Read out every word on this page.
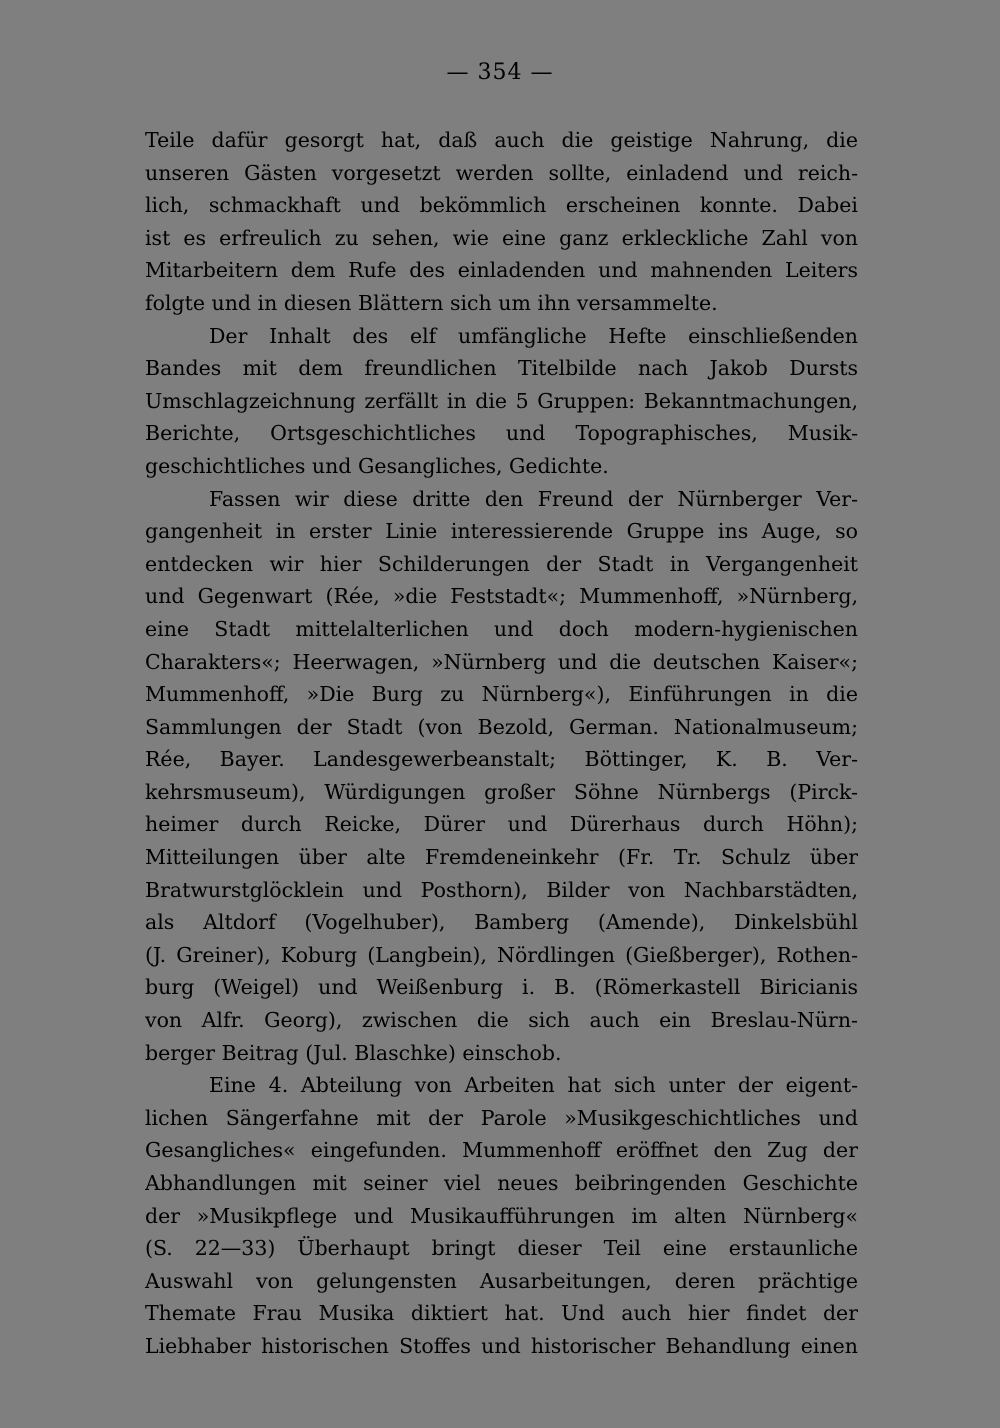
— 354 —
Teile dafür gesorgt hat, daß auch die geistige Nahrung, die
unseren Gästen vorgesetzt werden sollte, einladend und reich-
lich, schmackhaft und bekömmlich erscheinen konnte. Dabei
ist es erfreulich zu sehen, wie eine ganz erkleckliche Zahl von
Mitarbeitern dem Rufe des einladenden und mahnenden Leiters
folgte und in diesen Blättern sich um ihn versammelte.
Der Inhalt des elf umfängliche Hefte einschließenden
Bandes mit dem freundlichen Titelbilde nach Jakob Dursts
Umschlagzeichnung zerfällt in die 5 Gruppen: Bekanntmachungen,
Berichte, Ortsgeschichtliches und Topographisches, Musik-
geschichtliches und Gesangliches, Gedichte.
Fassen wir diese dritte den Freund der Nürnberger Ver-
gangenheit in erster Linie interessierende Gruppe ins Auge, so
entdecken wir hier Schilderungen der Stadt in Vergangenheit
und Gegenwart (Rée, »die Feststadt«; Mummenhoff, »Nürnberg,
eine Stadt mittelalterlichen und doch modern-hygienischen
Charakters«; Heerwagen, »Nürnberg und die deutschen Kaiser«;
Mummenhoff, »Die Burg zu Nürnberg«), Einführungen in die
Sammlungen der Stadt (von Bezold, German. Nationalmuseum;
Rée, Bayer. Landesgewerbeanstalt; Böttinger, K. B. Ver-
kehrsmuseum), Würdigungen großer Söhne Nürnbergs (Pirck-
heimer durch Reicke, Dürer und Dürerhaus durch Höhn);
Mitteilungen über alte Fremdeneinkehr (Fr. Tr. Schulz über
Bratwurstglöcklein und Posthorn), Bilder von Nachbarstädten,
als Altdorf (Vogelhuber), Bamberg (Amende), Dinkelsbühl
(J. Greiner), Koburg (Langbein), Nördlingen (Gießberger), Rothen-
burg (Weigel) und Weißenburg i. B. (Römerkastell Biricianis
von Alfr. Georg), zwischen die sich auch ein Breslau-Nürn-
berger Beitrag (Jul. Blaschke) einschob.
Eine 4. Abteilung von Arbeiten hat sich unter der eigent-
lichen Sängerfahne mit der Parole »Musikgeschichtliches und
Gesangliches« eingefunden. Mummenhoff eröffnet den Zug der
Abhandlungen mit seiner viel neues beibringenden Geschichte
der »Musikpflege und Musikaufführungen im alten Nürnberg«
(S. 22—33) Überhaupt bringt dieser Teil eine erstaunliche
Auswahl von gelungensten Ausarbeitungen, deren prächtige
Themate Frau Musika diktiert hat. Und auch hier findet der
Liebhaber historischen Stoffes und historischer Behandlung einen
